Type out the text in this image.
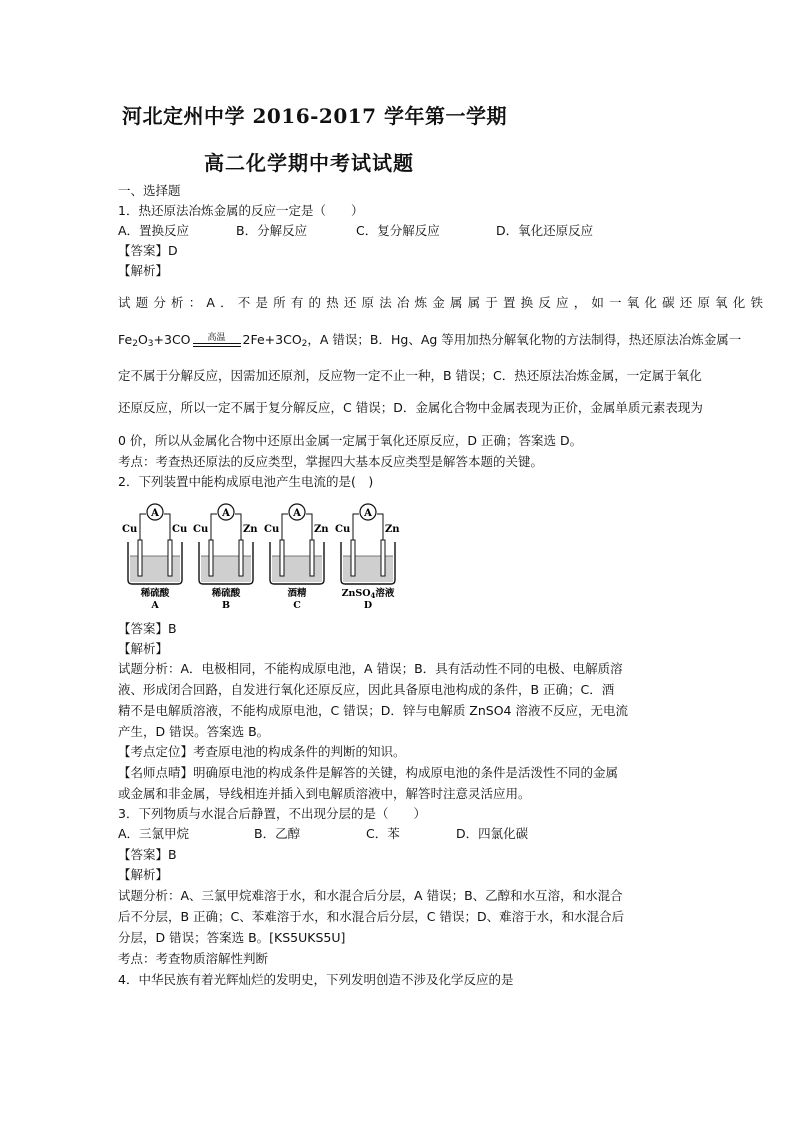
河北定州中学 2016-2017 学年第一学期
高二化学期中考试试题
一、选择题
1．热还原法冶炼金属的反应一定是（　　）
A．置换反应	B．分解反应	C．复分解反应	D．氧化还原反应
【答案】D
【解析】
试题分析：A．不是所有的热还原法冶炼金属属于置换反应，如一氧化碳还原氧化铁
$Fe_2O_3+3CO$ 高温 $2Fe+3CO_2$，A 错误；B．Hg、Ag 等用加热分解氧化物的方法制得，热还原法冶炼金属一
定不属于分解反应，因需加还原剂，反应物一定不止一种，B 错误；C．热还原法冶炼金属，一定属于氧化
还原反应，所以一定不属于复分解反应，C 错误；D．金属化合物中金属表现为正价，金属单质元素表现为
0 价，所以从金属化合物中还原出金属一定属于氧化还原反应，D 正确；答案选 D。
考点：考查热还原法的反应类型，掌握四大基本反应类型是解答本题的关键。
2．下列装置中能构成原电池产生电流的是(　)
A
Cu	Cu
稀硫酸
A
A
Cu	Zn
稀硫酸
B
A
Cu	Zn
酒精
C
A
Cu	Zn
ZnSO$_4$溶液
D
【答案】B
【解析】
试题分析：A．电极相同，不能构成原电池，A 错误；B．具有活动性不同的电极、电解质溶
液、形成闭合回路，自发进行氧化还原反应，因此具备原电池构成的条件，B 正确；C．酒
精不是电解质溶液，不能构成原电池，C 错误；D．锌与电解质 ZnSO4 溶液不反应，无电流
产生，D 错误。答案选 B。
【考点定位】考查原电池的构成条件的判断的知识。
【名师点晴】明确原电池的构成条件是解答的关键，构成原电池的条件是活泼性不同的金属
或金属和非金属，导线相连并插入到电解质溶液中，解答时注意灵活应用。
3．下列物质与水混合后静置，不出现分层的是（　　）
A．三氯甲烷	B．乙醇	C．苯	D．四氯化碳
【答案】B
【解析】
试题分析：A、三氯甲烷难溶于水，和水混合后分层，A 错误；B、乙醇和水互溶，和水混合
后不分层，B 正确；C、苯难溶于水，和水混合后分层，C 错误；D、难溶于水，和水混合后
分层，D 错误；答案选 B。[KS5UKS5U]
考点：考查物质溶解性判断
4．中华民族有着光辉灿烂的发明史，下列发明创造不涉及化学反应的是
